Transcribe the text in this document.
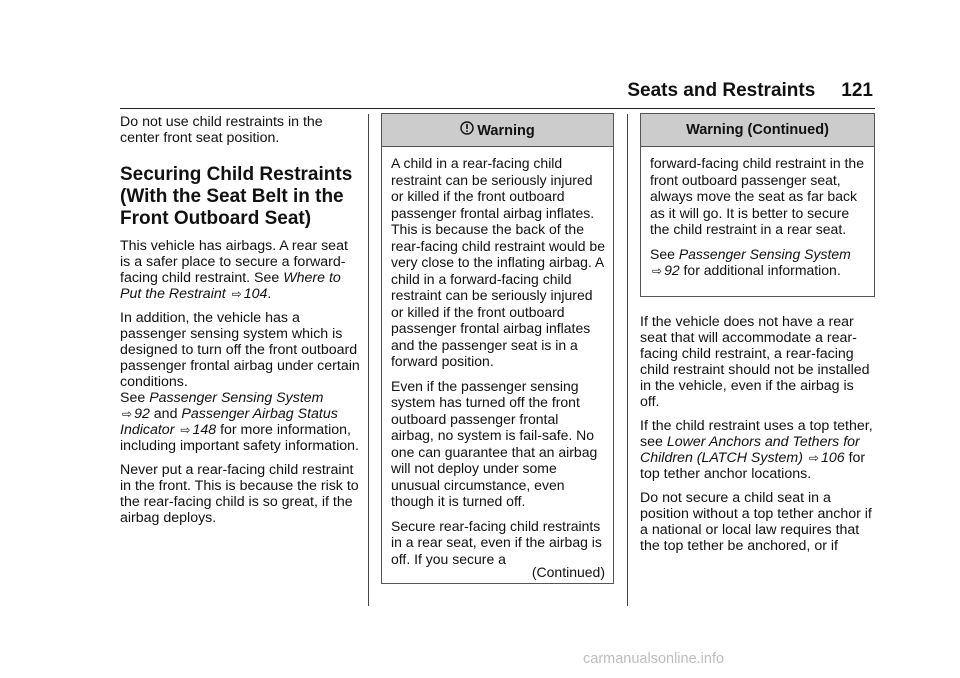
Seats and Restraints 121

Do not use child restraints in the center front seat position.

Securing Child Restraints
(With the Seat Belt in the
Front Outboard Seat)

This vehicle has airbags. A rear seat is a safer place to secure a forward-facing child restraint. See Where to Put the Restraint ⇨ 104.

In addition, the vehicle has a passenger sensing system which is designed to turn off the front outboard passenger frontal airbag under certain conditions.
See Passenger Sensing System
⇨ 92 and Passenger Airbag Status Indicator ⇨ 148 for more information, including important safety information.

Never put a rear-facing child restraint in the front. This is because the risk to the rear-facing child is so great, if the airbag deploys.

Warning

A child in a rear-facing child restraint can be seriously injured or killed if the front outboard passenger frontal airbag inflates. This is because the back of the rear-facing child restraint would be very close to the inflating airbag. A child in a forward-facing child restraint can be seriously injured or killed if the front outboard passenger frontal airbag inflates and the passenger seat is in a forward position.

Even if the passenger sensing system has turned off the front outboard passenger frontal airbag, no system is fail-safe. No one can guarantee that an airbag will not deploy under some unusual circumstance, even though it is turned off.

Secure rear-facing child restraints in a rear seat, even if the airbag is off. If you secure a

(Continued)
Warning (Continued)

forward-facing child restraint in the front outboard passenger seat, always move the seat as far back as it will go. It is better to secure the child restraint in a rear seat.

See Passenger Sensing System
⇨ 92 for additional information.

If the vehicle does not have a rear seat that will accommodate a rear-facing child restraint, a rear-facing child restraint should not be installed in the vehicle, even if the airbag is off.

If the child restraint uses a top tether, see Lower Anchors and Tethers for Children (LATCH System) ⇨ 106 for top tether anchor locations.

Do not secure a child seat in a position without a top tether anchor if a national or local law requires that the top tether be anchored, or if

carmanualsonline.info
